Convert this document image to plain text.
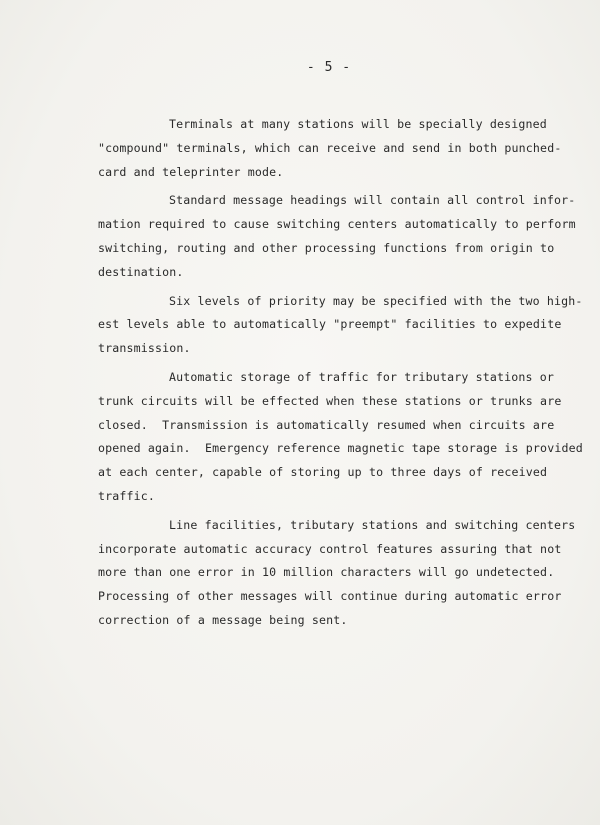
- 5 -
Terminals at many stations will be specially designed
"compound" terminals, which can receive and send in both punched-
card and teleprinter mode.
Standard message headings will contain all control infor-
mation required to cause switching centers automatically to perform
switching, routing and other processing functions from origin to
destination.
Six levels of priority may be specified with the two high-
est levels able to automatically "preempt" facilities to expedite
transmission.
Automatic storage of traffic for tributary stations or
trunk circuits will be effected when these stations or trunks are
closed.  Transmission is automatically resumed when circuits are
opened again.  Emergency reference magnetic tape storage is provided
at each center, capable of storing up to three days of received
traffic.
Line facilities, tributary stations and switching centers
incorporate automatic accuracy control features assuring that not
more than one error in 10 million characters will go undetected.
Processing of other messages will continue during automatic error
correction of a message being sent.
